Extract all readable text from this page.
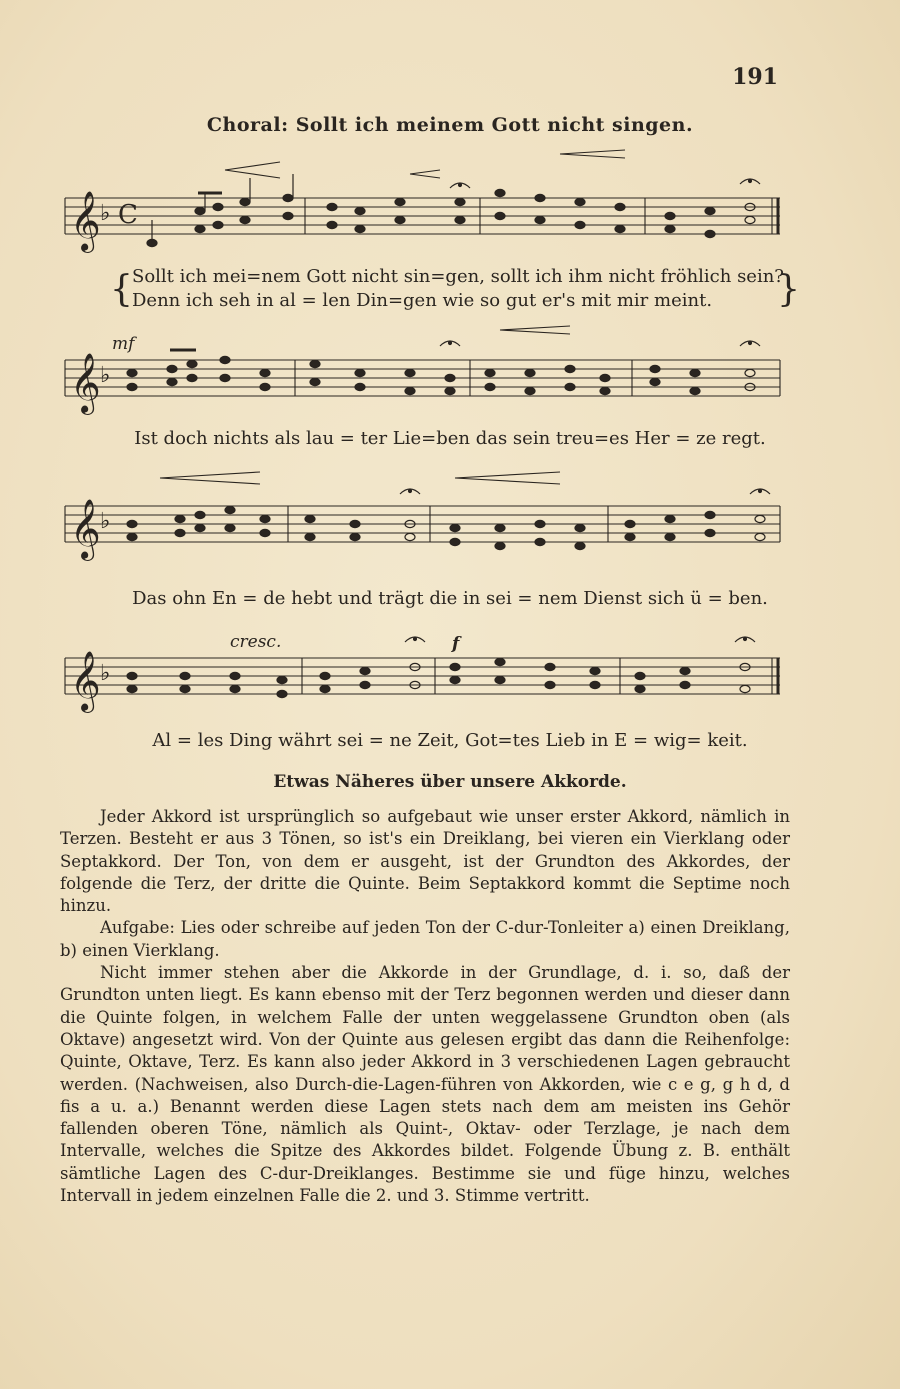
191
Choral: Sollt ich meinem Gott nicht singen.
𝄞 ♭ C
{ Sollt ich mei=nem Gott nicht sin=gen, sollt ich ihm nicht fröhlich sein?
Denn ich seh in al = len Din=gen wie so gut er's mit mir meint.	}
mf
𝄞 ♭
Ist doch nichts als lau = ter Lie=ben das sein treu=es Her = ze regt.
𝄞 ♭
Das ohn En = de hebt und trägt die in sei = nem Dienst sich ü = ben.
cresc.	f
𝄞 ♭
Al = les Ding währt sei = ne Zeit, Got=tes Lieb in E = wig= keit.
Etwas Näheres über unsere Akkorde.

Jeder Akkord ist ursprünglich so aufgebaut wie unser erster Akkord, nämlich in Terzen. Besteht er aus 3 Tönen, so ist's ein Dreiklang, bei vieren ein Vierklang oder Septakkord. Der Ton, von dem er ausgeht, ist der Grundton des Akkordes, der folgende die Terz, der dritte die Quinte. Beim Septakkord kommt die Septime noch hinzu.

Aufgabe: Lies oder schreibe auf jeden Ton der C-dur-Tonleiter a) einen Dreiklang, b) einen Vierklang.

Nicht immer stehen aber die Akkorde in der Grundlage, d. i. so, daß der Grundton unten liegt. Es kann ebenso mit der Terz begonnen werden und dieser dann die Quinte folgen, in welchem Falle der unten weggelassene Grundton oben (als Oktave) angesetzt wird. Von der Quinte aus gelesen ergibt das dann die Reihenfolge: Quinte, Oktave, Terz. Es kann also jeder Akkord in 3 verschiedenen Lagen gebraucht werden. (Nachweisen, also Durch-die-Lagen-führen von Akkorden, wie c e g, g h d, d fis a u. a.) Benannt werden diese Lagen stets nach dem am meisten ins Gehör fallenden oberen Töne, nämlich als Quint-, Oktav- oder Terzlage, je nach dem Intervalle, welches die Spitze des Akkordes bildet. Folgende Übung z. B. enthält sämtliche Lagen des C-dur-Dreiklanges. Bestimme sie und füge hinzu, welches Intervall in jedem einzelnen Falle die 2. und 3. Stimme vertritt.
